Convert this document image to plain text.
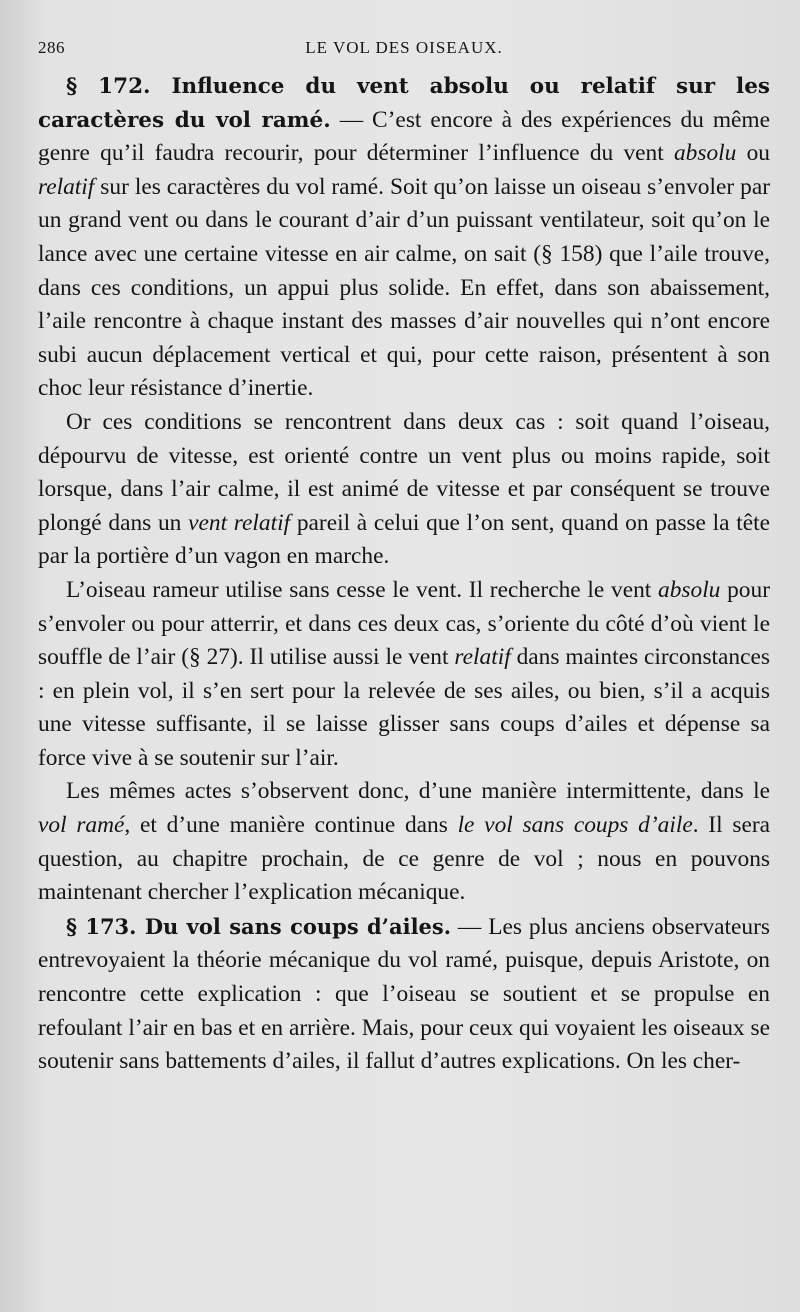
286	LE VOL DES OISEAUX.

§ 172. Influence du vent absolu ou relatif sur les caractères du vol ramé. — C’est encore à des expériences du même genre qu’il faudra recourir, pour déterminer l’influence du vent absolu ou relatif sur les caractères du vol ramé. Soit qu’on laisse un oiseau s’envoler par un grand vent ou dans le courant d’air d’un puissant ventilateur, soit qu’on le lance avec une certaine vitesse en air calme, on sait (§ 158) que l’aile trouve, dans ces conditions, un appui plus solide. En effet, dans son abaissement, l’aile rencontre à chaque instant des masses d’air nouvelles qui n’ont encore subi aucun déplacement vertical et qui, pour cette raison, présentent à son choc leur résistance d’inertie.

Or ces conditions se rencontrent dans deux cas : soit quand l’oiseau, dépourvu de vitesse, est orienté contre un vent plus ou moins rapide, soit lorsque, dans l’air calme, il est animé de vitesse et par conséquent se trouve plongé dans un vent relatif pareil à celui que l’on sent, quand on passe la tête par la portière d’un vagon en marche.

L’oiseau rameur utilise sans cesse le vent. Il recherche le vent absolu pour s’envoler ou pour atterrir, et dans ces deux cas, s’oriente du côté d’où vient le souffle de l’air (§ 27). Il utilise aussi le vent relatif dans maintes circonstances : en plein vol, il s’en sert pour la relevée de ses ailes, ou bien, s’il a acquis une vitesse suffisante, il se laisse glisser sans coups d’ailes et dépense sa force vive à se soutenir sur l’air.

Les mêmes actes s’observent donc, d’une manière intermittente, dans le vol ramé, et d’une manière continue dans le vol sans coups d’aile. Il sera question, au chapitre prochain, de ce genre de vol ; nous en pouvons maintenant chercher l’explication mécanique.

§ 173. Du vol sans coups d’ailes. — Les plus anciens observateurs entrevoyaient la théorie mécanique du vol ramé, puisque, depuis Aristote, on rencontre cette explication : que l’oiseau se soutient et se propulse en refoulant l’air en bas et en arrière. Mais, pour ceux qui voyaient les oiseaux se soutenir sans battements d’ailes, il fallut d’autres explications. On les cher-
